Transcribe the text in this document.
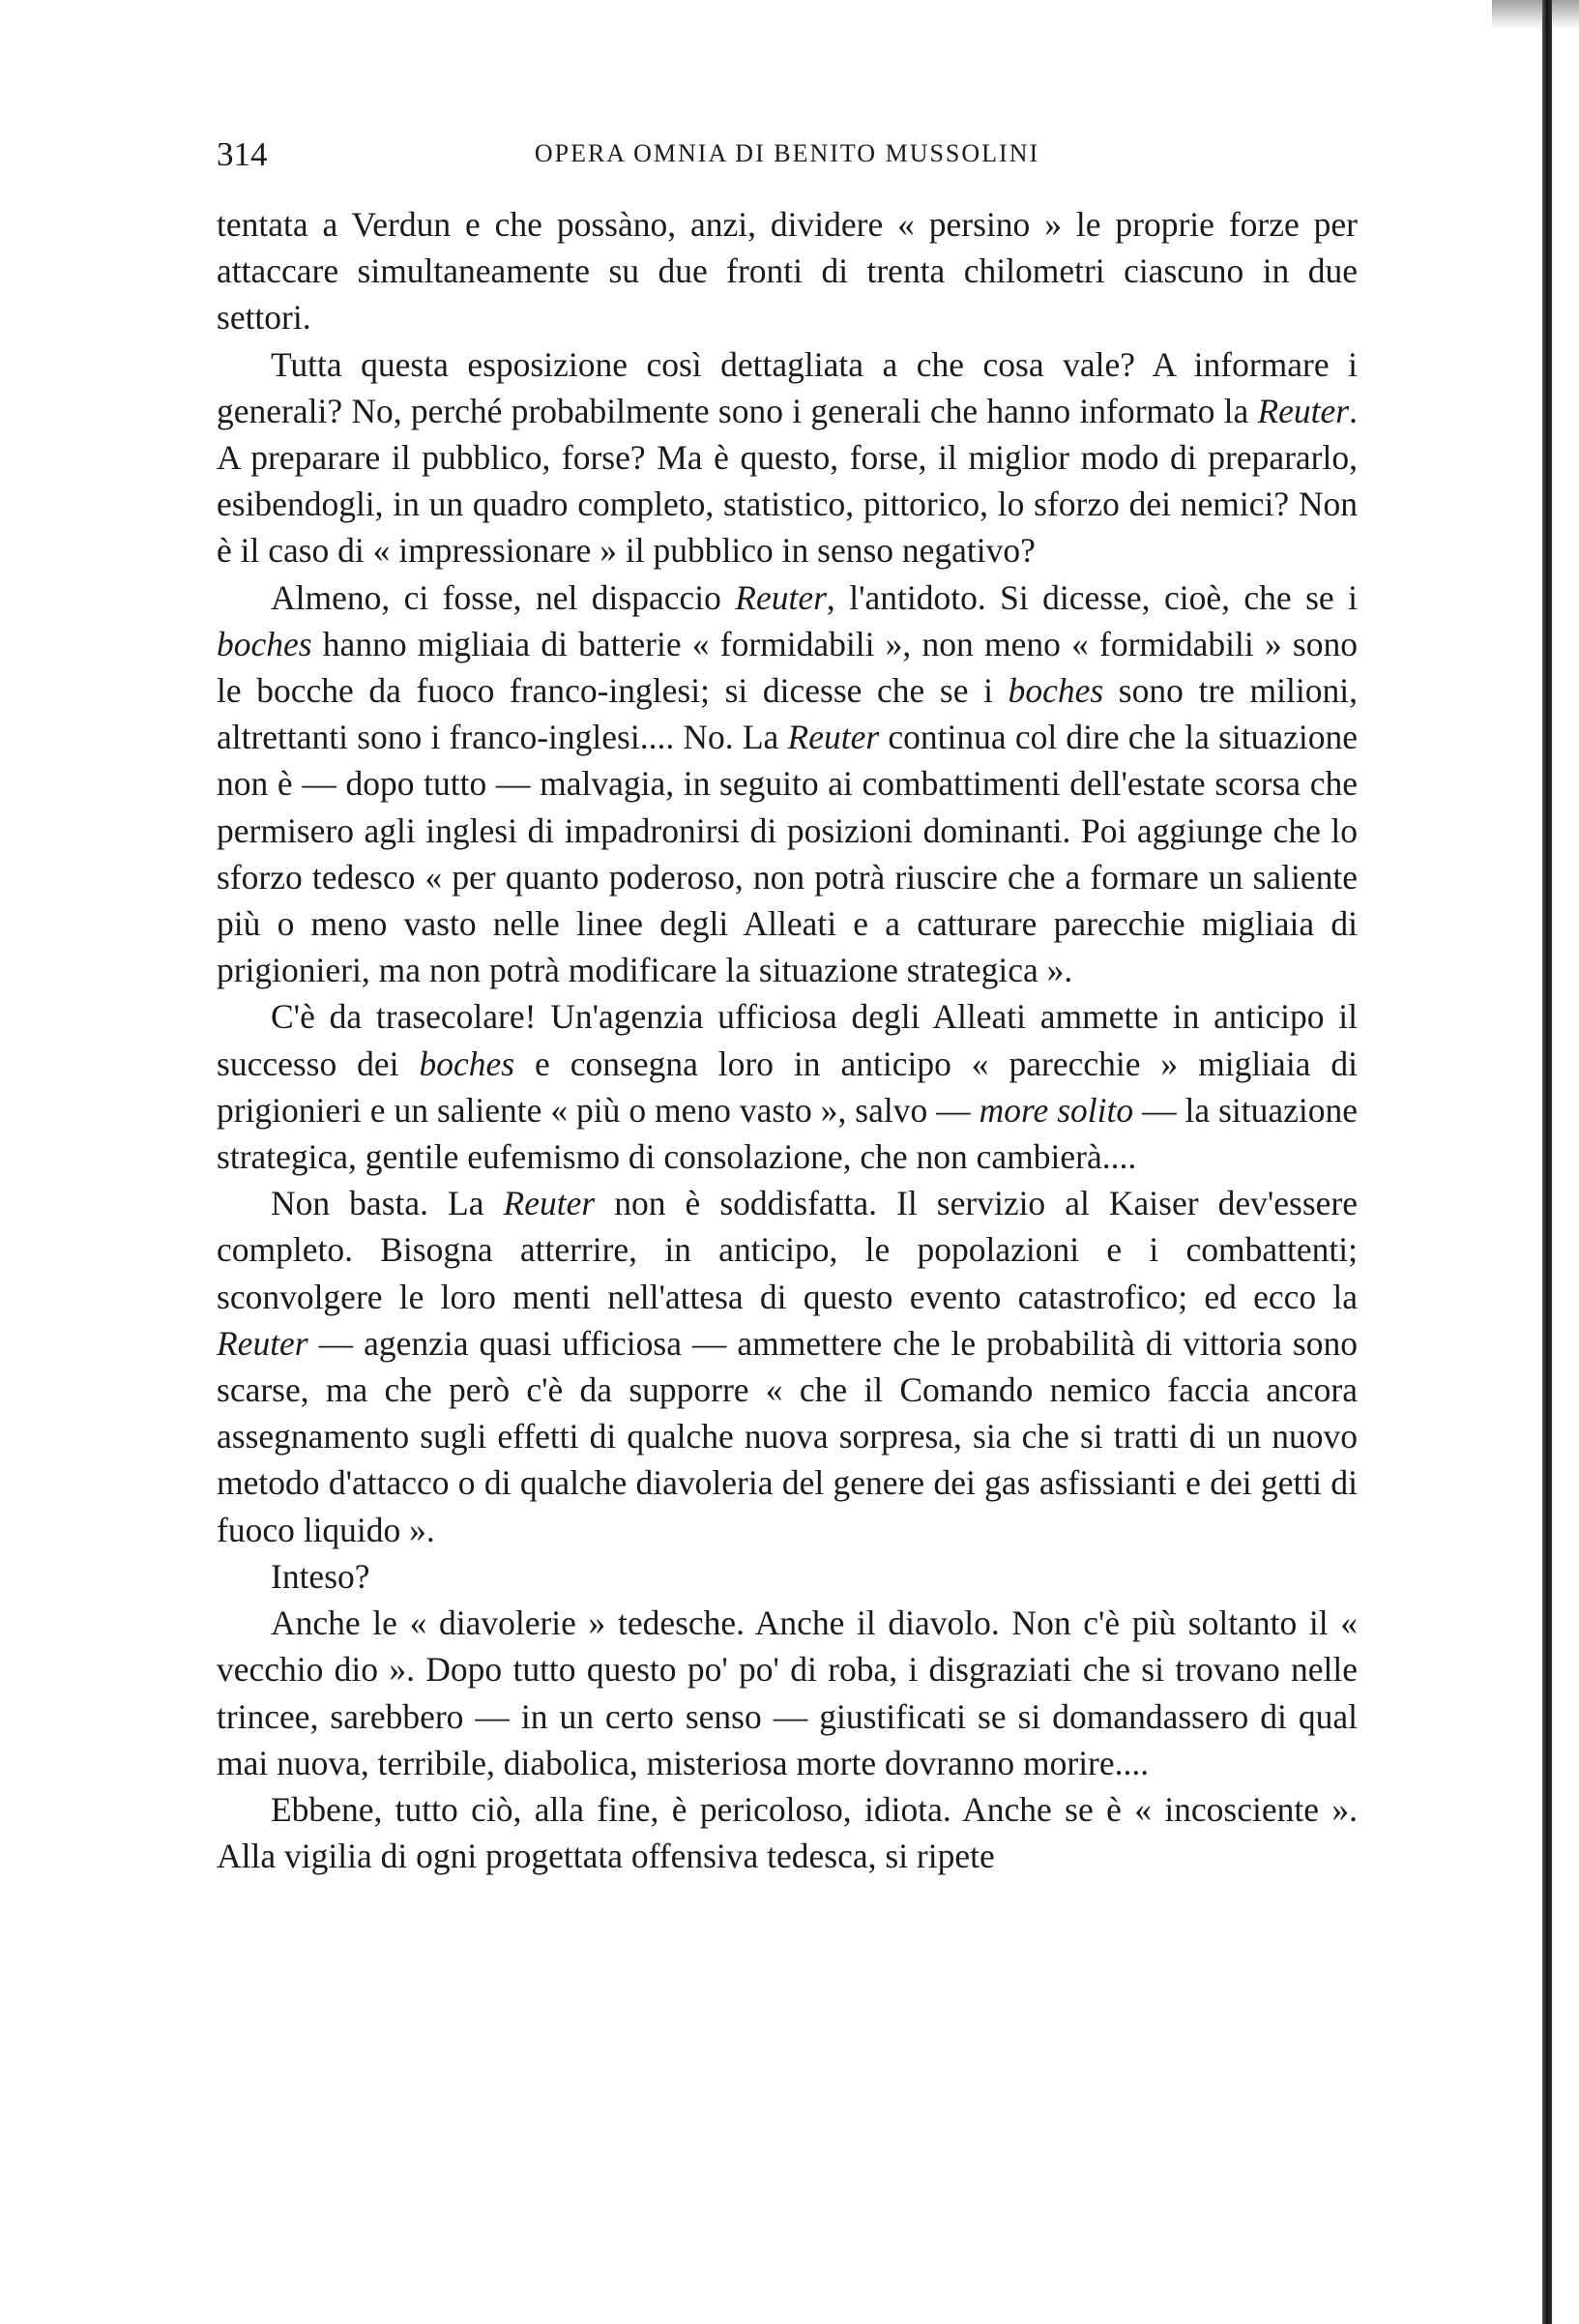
314	OPERA OMNIA DI BENITO MUSSOLINI

tentata a Verdun e che possàno, anzi, dividere « persino » le proprie forze per attaccare simultaneamente su due fronti di trenta chilometri ciascuno in due settori.

Tutta questa esposizione così dettagliata a che cosa vale? A informare i generali? No, perché probabilmente sono i generali che hanno informato la Reuter. A preparare il pubblico, forse? Ma è questo, forse, il miglior modo di prepararlo, esibendogli, in un quadro completo, statistico, pittorico, lo sforzo dei nemici? Non è il caso di « impressionare » il pubblico in senso negativo?

Almeno, ci fosse, nel dispaccio Reuter, l'antidoto. Si dicesse, cioè, che se i boches hanno migliaia di batterie « formidabili », non meno « formidabili » sono le bocche da fuoco franco-inglesi; si dicesse che se i boches sono tre milioni, altrettanti sono i franco-inglesi.... No. La Reuter continua col dire che la situazione non è — dopo tutto — malvagia, in seguito ai combattimenti dell'estate scorsa che permisero agli inglesi di impadronirsi di posizioni dominanti. Poi aggiunge che lo sforzo tedesco « per quanto poderoso, non potrà riuscire che a formare un saliente più o meno vasto nelle linee degli Alleati e a catturare parecchie migliaia di prigionieri, ma non potrà modificare la situazione strategica ».

C'è da trasecolare! Un'agenzia ufficiosa degli Alleati ammette in anticipo il successo dei boches e consegna loro in anticipo « parecchie » migliaia di prigionieri e un saliente « più o meno vasto », salvo — more solito — la situazione strategica, gentile eufemismo di consolazione, che non cambierà....

Non basta. La Reuter non è soddisfatta. Il servizio al Kaiser dev'essere completo. Bisogna atterrire, in anticipo, le popolazioni e i combattenti; sconvolgere le loro menti nell'attesa di questo evento catastrofico; ed ecco la Reuter — agenzia quasi ufficiosa — ammettere che le probabilità di vittoria sono scarse, ma che però c'è da supporre « che il Comando nemico faccia ancora assegnamento sugli effetti di qualche nuova sorpresa, sia che si tratti di un nuovo metodo d'attacco o di qualche diavoleria del genere dei gas asfissianti e dei getti di fuoco liquido ».

Inteso?

Anche le « diavolerie » tedesche. Anche il diavolo. Non c'è più soltanto il « vecchio dio ». Dopo tutto questo po' po' di roba, i disgraziati che si trovano nelle trincee, sarebbero — in un certo senso — giustificati se si domandassero di qual mai nuova, terribile, diabolica, misteriosa morte dovranno morire....

Ebbene, tutto ciò, alla fine, è pericoloso, idiota. Anche se è « incosciente ». Alla vigilia di ogni progettata offensiva tedesca, si ripete
